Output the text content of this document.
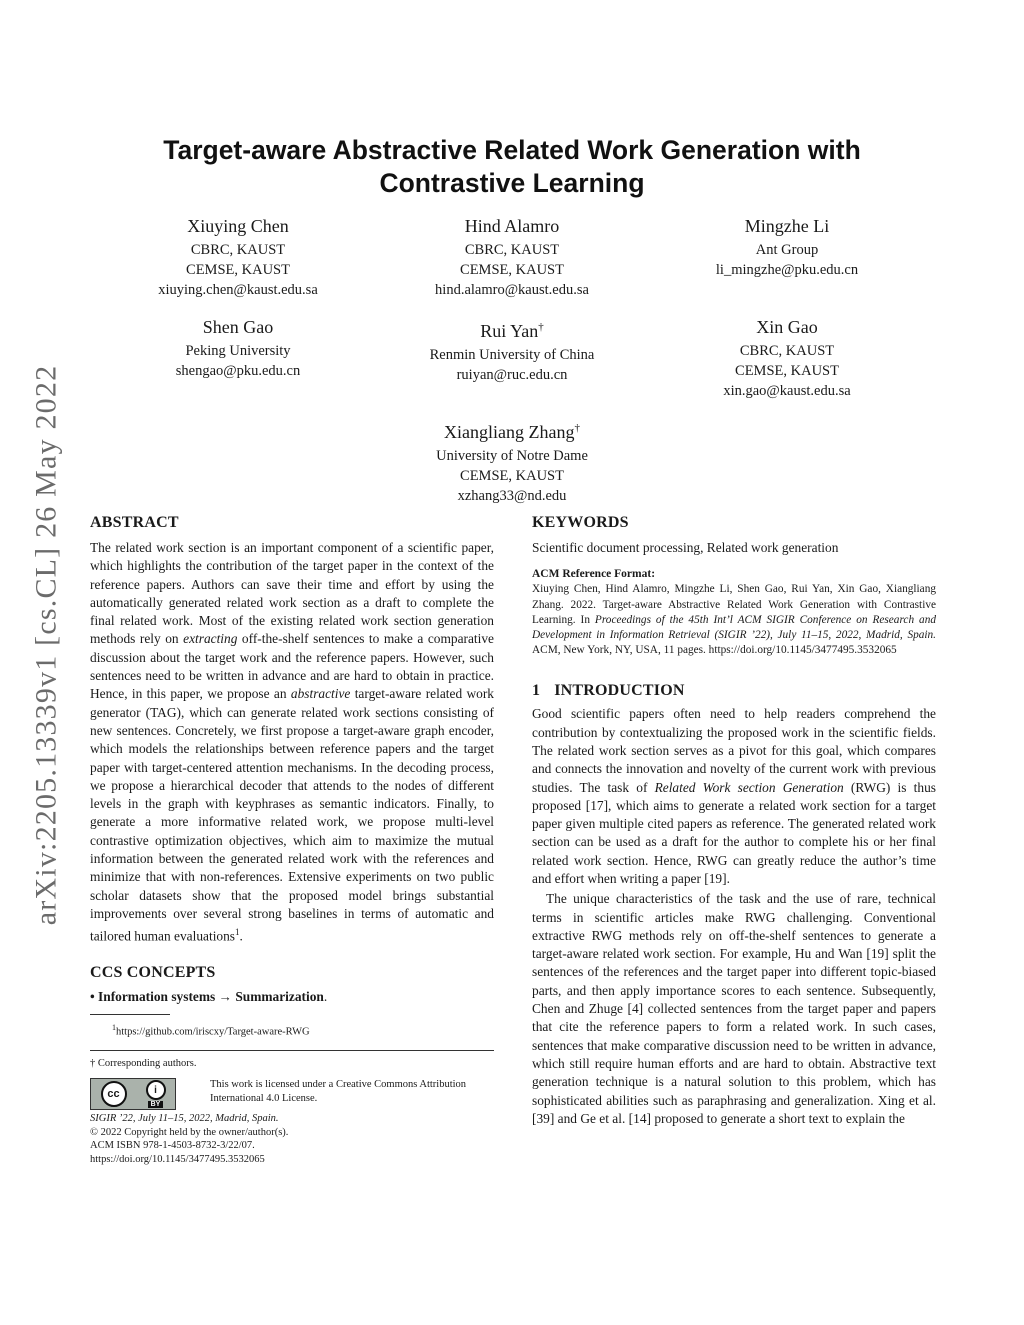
arXiv:2205.13339v1 [cs.CL] 26 May 2022
Target-aware Abstractive Related Work Generation with
Contrastive Learning
Xiuying Chen
CBRC, KAUST
CEMSE, KAUST
xiuying.chen@kaust.edu.sa
Hind Alamro
CBRC, KAUST
CEMSE, KAUST
hind.alamro@kaust.edu.sa
Mingzhe Li
Ant Group
li_mingzhe@pku.edu.cn
Shen Gao
Peking University
shengao@pku.edu.cn
Rui Yan†
Renmin University of China
ruiyan@ruc.edu.cn
Xin Gao
CBRC, KAUST
CEMSE, KAUST
xin.gao@kaust.edu.sa
Xiangliang Zhang†
University of Notre Dame
CEMSE, KAUST
xzhang33@nd.edu
ABSTRACT

The related work section is an important component of a scientific paper, which highlights the contribution of the target paper in the context of the reference papers. Authors can save their time and effort by using the automatically generated related work section as a draft to complete the final related work. Most of the existing related work section generation methods rely on extracting off-the-shelf sentences to make a comparative discussion about the target work and the reference papers. However, such sentences need to be written in advance and are hard to obtain in practice. Hence, in this paper, we propose an abstractive target-aware related work generator (TAG), which can generate related work sections consisting of new sentences. Concretely, we first propose a target-aware graph encoder, which models the relationships between reference papers and the target paper with target-centered attention mechanisms. In the decoding process, we propose a hierarchical decoder that attends to the nodes of different levels in the graph with keyphrases as semantic indicators. Finally, to generate a more informative related work, we propose multi-level contrastive optimization objectives, which aim to maximize the mutual information between the generated related work with the references and minimize that with non-references. Extensive experiments on two public scholar datasets show that the proposed model brings substantial improvements over several strong baselines in terms of automatic and tailored human evaluations$^1$.

CCS CONCEPTS
• Information systems → Summarization.
$^1$https://github.com/iriscxy/Target-aware-RWG
† Corresponding authors.
cc	i
BY
This work is licensed under a Creative Commons Attribution
International 4.0 License.
SIGIR ’22, July 11–15, 2022, Madrid, Spain.
© 2022 Copyright held by the owner/author(s).
ACM ISBN 978-1-4503-8732-3/22/07.
https://doi.org/10.1145/3477495.3532065
KEYWORDS

Scientific document processing, Related work generation

ACM Reference Format:

Xiuying Chen, Hind Alamro, Mingzhe Li, Shen Gao, Rui Yan, Xin Gao, Xiangliang Zhang. 2022. Target-aware Abstractive Related Work Generation with Contrastive Learning. In Proceedings of the 45th Int’l ACM SIGIR Conference on Research and Development in Information Retrieval (SIGIR ’22), July 11–15, 2022, Madrid, Spain. ACM, New York, NY, USA, 11 pages. https://doi.org/10.1145/3477495.3532065

1 INTRODUCTION

Good scientific papers often need to help readers comprehend the contribution by contextualizing the proposed work in the scientific fields. The related work section serves as a pivot for this goal, which compares and connects the innovation and novelty of the current work with previous studies. The task of Related Work section Generation (RWG) is thus proposed [17], which aims to generate a related work section for a target paper given multiple cited papers as reference. The generated related work section can be used as a draft for the author to complete his or her final related work section. Hence, RWG can greatly reduce the author’s time and effort when writing a paper [19].

The unique characteristics of the task and the use of rare, technical terms in scientific articles make RWG challenging. Conventional extractive RWG methods rely on off-the-shelf sentences to generate a target-aware related work section. For example, Hu and Wan [19] split the sentences of the references and the target paper into different topic-biased parts, and then apply importance scores to each sentence. Subsequently, Chen and Zhuge [4] collected sentences from the target paper and papers that cite the reference papers to form a related work. In such cases, sentences that make comparative discussion need to be written in advance, which still require human efforts and are hard to obtain. Abstractive text generation technique is a natural solution to this problem, which has sophisticated abilities such as paraphrasing and generalization. Xing et al. [39] and Ge et al. [14] proposed to generate a short text to explain the
